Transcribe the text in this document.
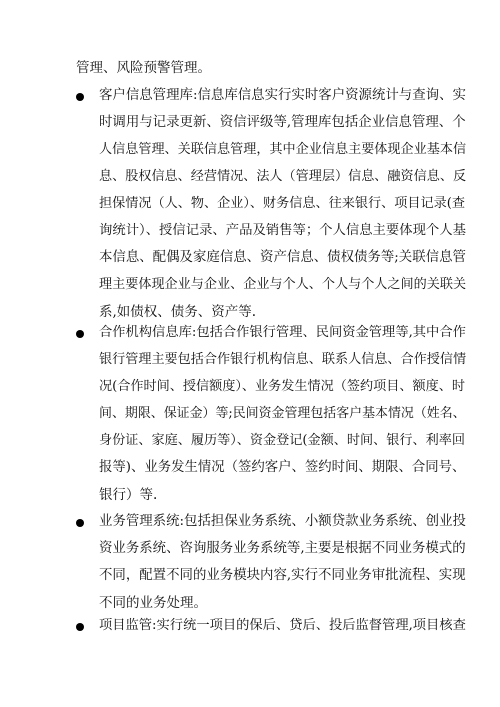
管理、风险预警管理。
客户信息管理库:信息库信息实行实时客户资源统计与查询、实
时调用与记录更新、资信评级等,管理库包括企业信息管理、个
人信息管理、关联信息管理，其中企业信息主要体现企业基本信
息、股权信息、经营情况、法人（管理层）信息、融资信息、反
担保情况（人、物、企业）、财务信息、往来银行、项目记录(查
询统计）、授信记录、产品及销售等；个人信息主要体现个人基
本信息、配偶及家庭信息、资产信息、债权债务等;关联信息管
理主要体现企业与企业、企业与个人、个人与个人之间的关联关
系,如债权、债务、资产等.
合作机构信息库:包括合作银行管理、民间资金管理等,其中合作
银行管理主要包括合作银行机构信息、联系人信息、合作授信情
况(合作时间、授信额度）、业务发生情况（签约项目、额度、时
间、期限、保证金）等;民间资金管理包括客户基本情况（姓名、
身份证、家庭、履历等）、资金登记(金额、时间、银行、利率回
报等)、业务发生情况（签约客户、签约时间、期限、合同号、
银行）等.
业务管理系统:包括担保业务系统、小额贷款业务系统、创业投
资业务系统、咨询服务业务系统等,主要是根据不同业务模式的
不同，配置不同的业务模块内容,实行不同业务审批流程、实现
不同的业务处理。
项目监管:实行统一项目的保后、贷后、投后监督管理,项目核查
